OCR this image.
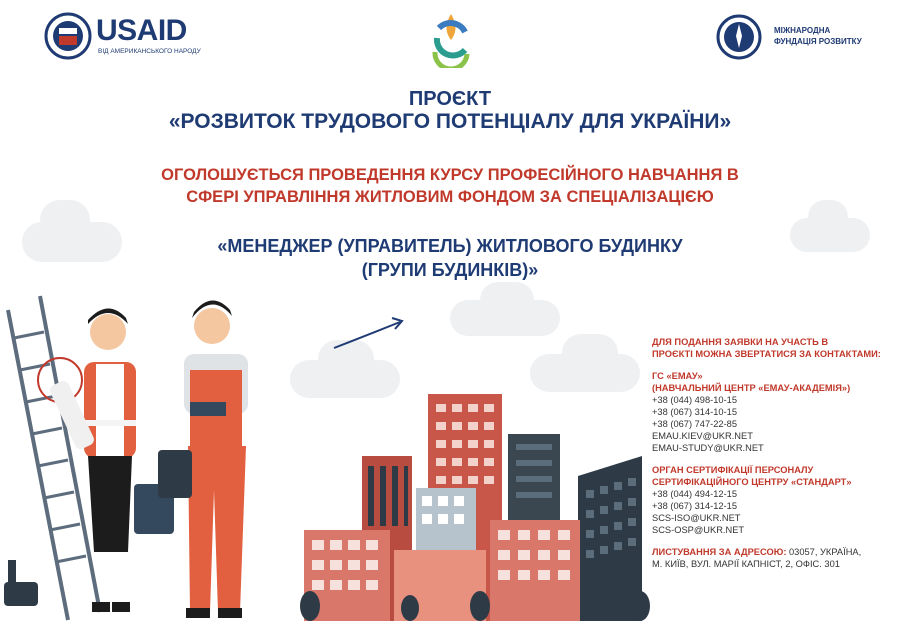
USAID
ВІД АМЕРИКАНСЬКОГО НАРОДУ
МІЖНАРОДНА
ФУНДАЦІЯ РОЗВИТКУ
ПРОЄКТ
«РОЗВИТОК ТРУДОВОГО ПОТЕНЦІАЛУ ДЛЯ УКРАЇНИ»
ОГОЛОШУЄТЬСЯ ПРОВЕДЕННЯ КУРСУ ПРОФЕСІЙНОГО НАВЧАННЯ В
СФЕРІ УПРАВЛІННЯ ЖИТЛОВИМ ФОНДОМ ЗА СПЕЦІАЛІЗАЦІЄЮ
«МЕНЕДЖЕР (УПРАВИТЕЛЬ) ЖИТЛОВОГО БУДИНКУ
(ГРУПИ БУДИНКІВ)»
ДЛЯ ПОДАННЯ ЗАЯВКИ НА УЧАСТЬ В
ПРОЄКТІ МОЖНА ЗВЕРТАТИСЯ ЗА КОНТАКТАМИ:
ГС «ЕМАУ»
(НАВЧАЛЬНИЙ ЦЕНТР «ЕМАУ-АКАДЕМІЯ»)
+38 (044) 498-10-15
+38 (067) 314-10-15
+38 (067) 747-22-85
EMAU.KIEV@UKR.NET
EMAU-STUDY@UKR.NET
ОРГАН СЕРТИФІКАЦІЇ ПЕРСОНАЛУ
СЕРТИФІКАЦІЙНОГО ЦЕНТРУ «СТАНДАРТ»
+38 (044) 494-12-15
+38 (067) 314-12-15
SCS-ISO@UKR.NET
SCS-OSP@UKR.NET
ЛИСТУВАННЯ ЗА АДРЕСОЮ: 03057, УКРАЇНА,
М. КИЇВ, ВУЛ. МАРІЇ КАПНІСТ, 2, ОФІС. 301
